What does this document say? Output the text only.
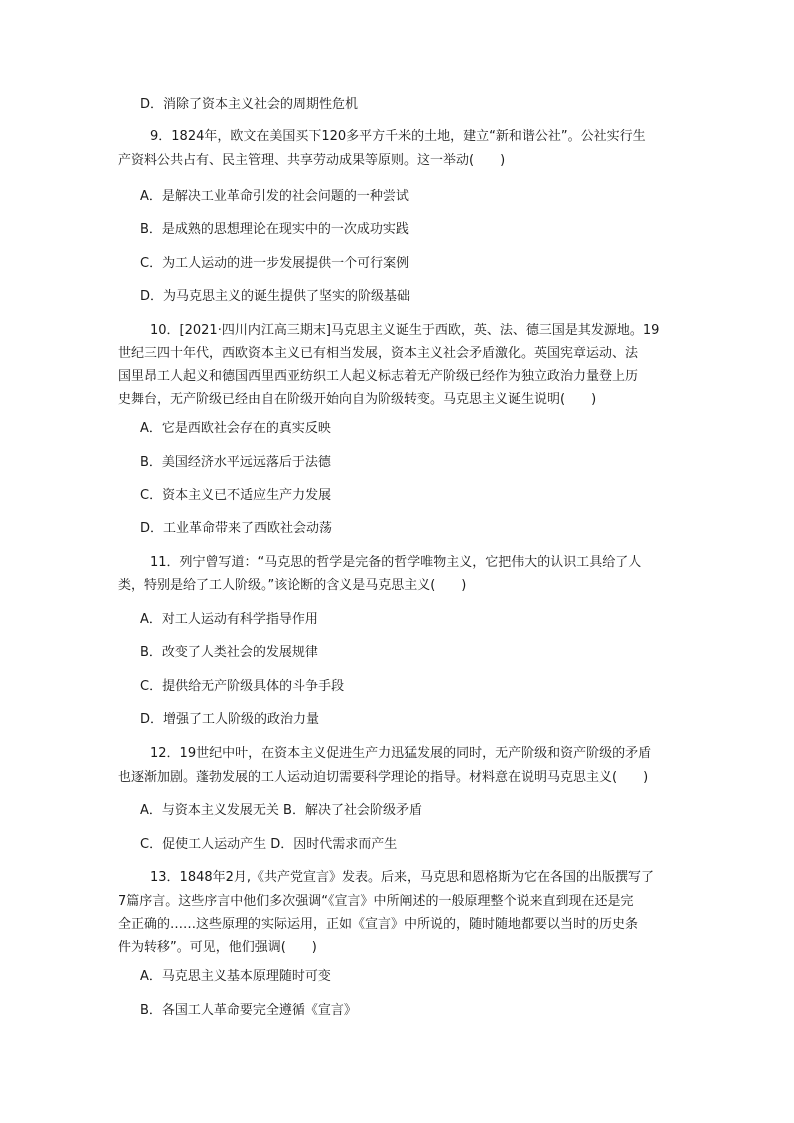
D．消除了资本主义社会的周期性危机
9．1824年，欧文在美国买下120多平方千米的土地，建立“新和谐公社”。公社实行生
产资料公共占有、民主管理、共享劳动成果等原则。这一举动(　　)
A．是解决工业革命引发的社会问题的一种尝试
B．是成熟的思想理论在现实中的一次成功实践
C．为工人运动的进一步发展提供一个可行案例
D．为马克思主义的诞生提供了坚实的阶级基础
10．[2021·四川内江高三期末]马克思主义诞生于西欧，英、法、德三国是其发源地。19
世纪三四十年代，西欧资本主义已有相当发展，资本主义社会矛盾激化。英国宪章运动、法
国里昂工人起义和德国西里西亚纺织工人起义标志着无产阶级已经作为独立政治力量登上历
史舞台，无产阶级已经由自在阶级开始向自为阶级转变。马克思主义诞生说明(　　)
A．它是西欧社会存在的真实反映
B．美国经济水平远远落后于法德
C．资本主义已不适应生产力发展
D．工业革命带来了西欧社会动荡
11．列宁曾写道：“马克思的哲学是完备的哲学唯物主义，它把伟大的认识工具给了人
类，特别是给了工人阶级。”该论断的含义是马克思主义(　　)
A．对工人运动有科学指导作用
B．改变了人类社会的发展规律
C．提供给无产阶级具体的斗争手段
D．增强了工人阶级的政治力量
12．19世纪中叶，在资本主义促进生产力迅猛发展的同时，无产阶级和资产阶级的矛盾
也逐渐加剧。蓬勃发展的工人运动迫切需要科学理论的指导。材料意在说明马克思主义(　　)
A．与资本主义发展无关 B．解决了社会阶级矛盾
C．促使工人运动产生 D．因时代需求而产生
13．1848年2月,《共产党宣言》发表。后来，马克思和恩格斯为它在各国的出版撰写了
7篇序言。这些序言中他们多次强调“《宣言》中所阐述的一般原理整个说来直到现在还是完
全正确的……这些原理的实际运用，正如《宣言》中所说的，随时随地都要以当时的历史条
件为转移”。可见，他们强调(　　)
A．马克思主义基本原理随时可变
B．各国工人革命要完全遵循《宣言》
